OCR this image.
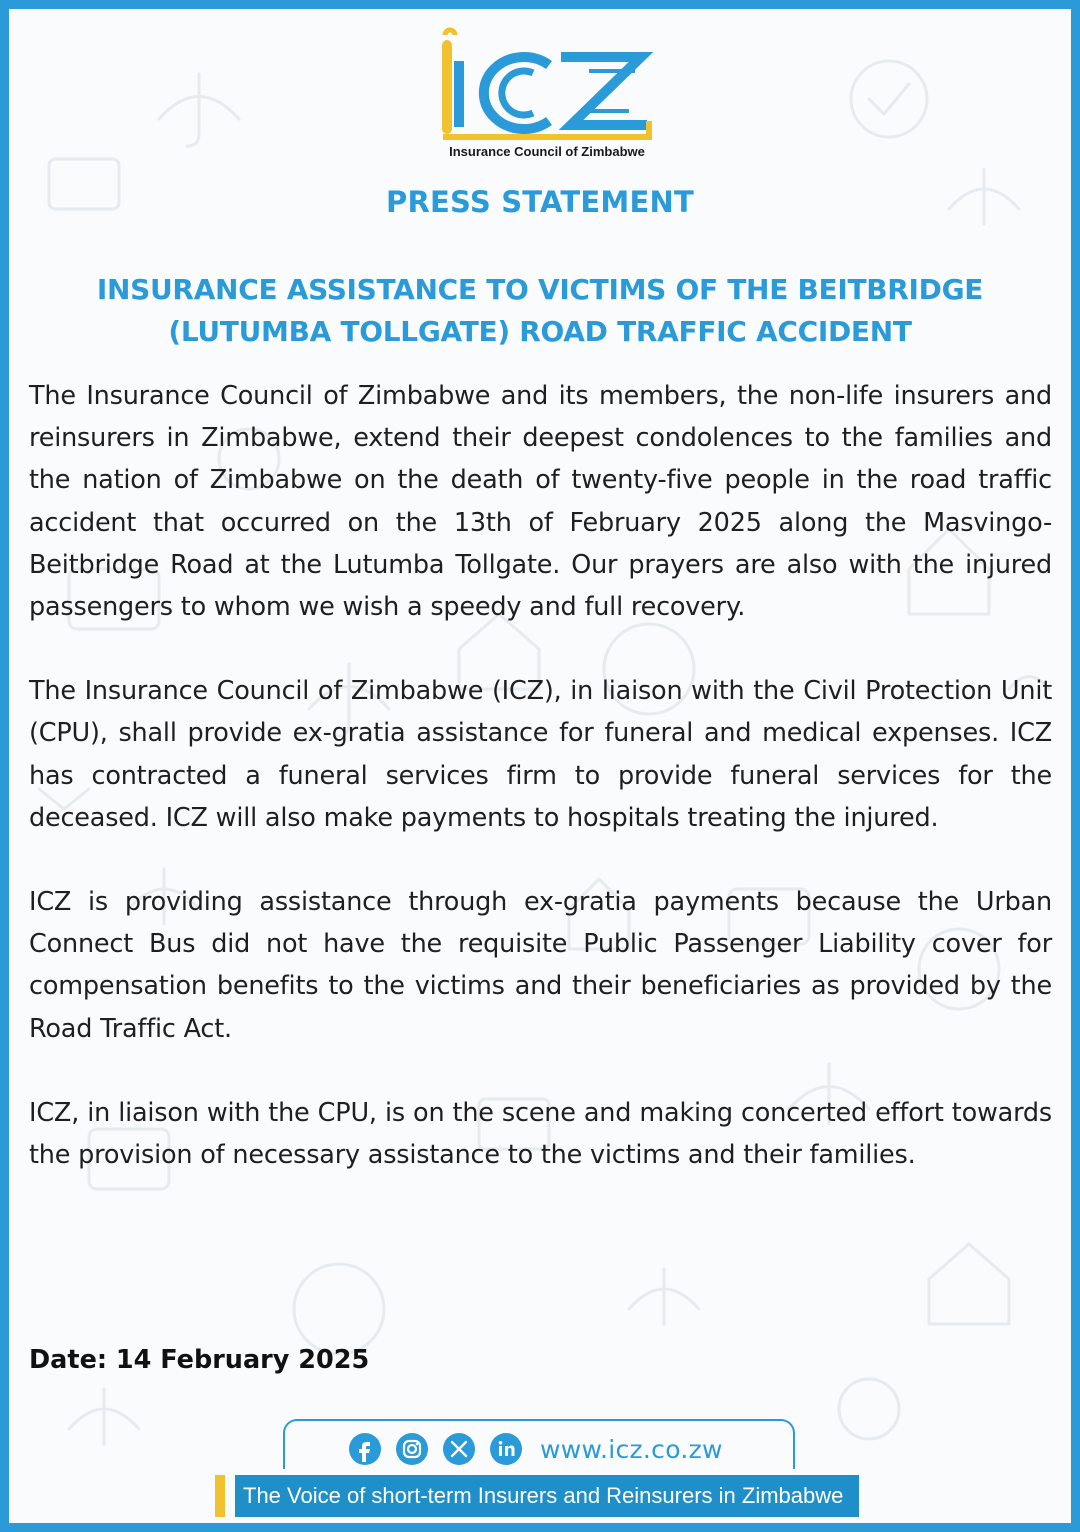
Insurance Council of Zimbabwe
PRESS STATEMENT
INSURANCE ASSISTANCE TO VICTIMS OF THE BEITBRIDGE
(LUTUMBA TOLLGATE) ROAD TRAFFIC ACCIDENT

The Insurance Council of Zimbabwe and its members, the non-life insurers and reinsurers in Zimbabwe, extend their deepest condolences to the families and the nation of Zimbabwe on the death of twenty-five people in the road traffic accident that occurred on the 13th of February 2025 along the Masvingo-Beitbridge Road at the Lutumba Tollgate. Our prayers are also with the injured passengers to whom we wish a speedy and full recovery.

The Insurance Council of Zimbabwe (ICZ), in liaison with the Civil Protection Unit (CPU), shall provide ex-gratia assistance for funeral and medical expenses. ICZ has contracted a funeral services firm to provide funeral services for the deceased. ICZ will also make payments to hospitals treating the injured.

ICZ is providing assistance through ex-gratia payments because the Urban Connect Bus did not have the requisite Public Passenger Liability cover for compensation benefits to the victims and their beneficiaries as provided by the Road Traffic Act.

ICZ, in liaison with the CPU, is on the scene and making concerted effort towards the provision of necessary assistance to the victims and their families.

Date: 14 February 2025
www.icz.co.zw
The Voice of short-term Insurers and Reinsurers in Zimbabwe
